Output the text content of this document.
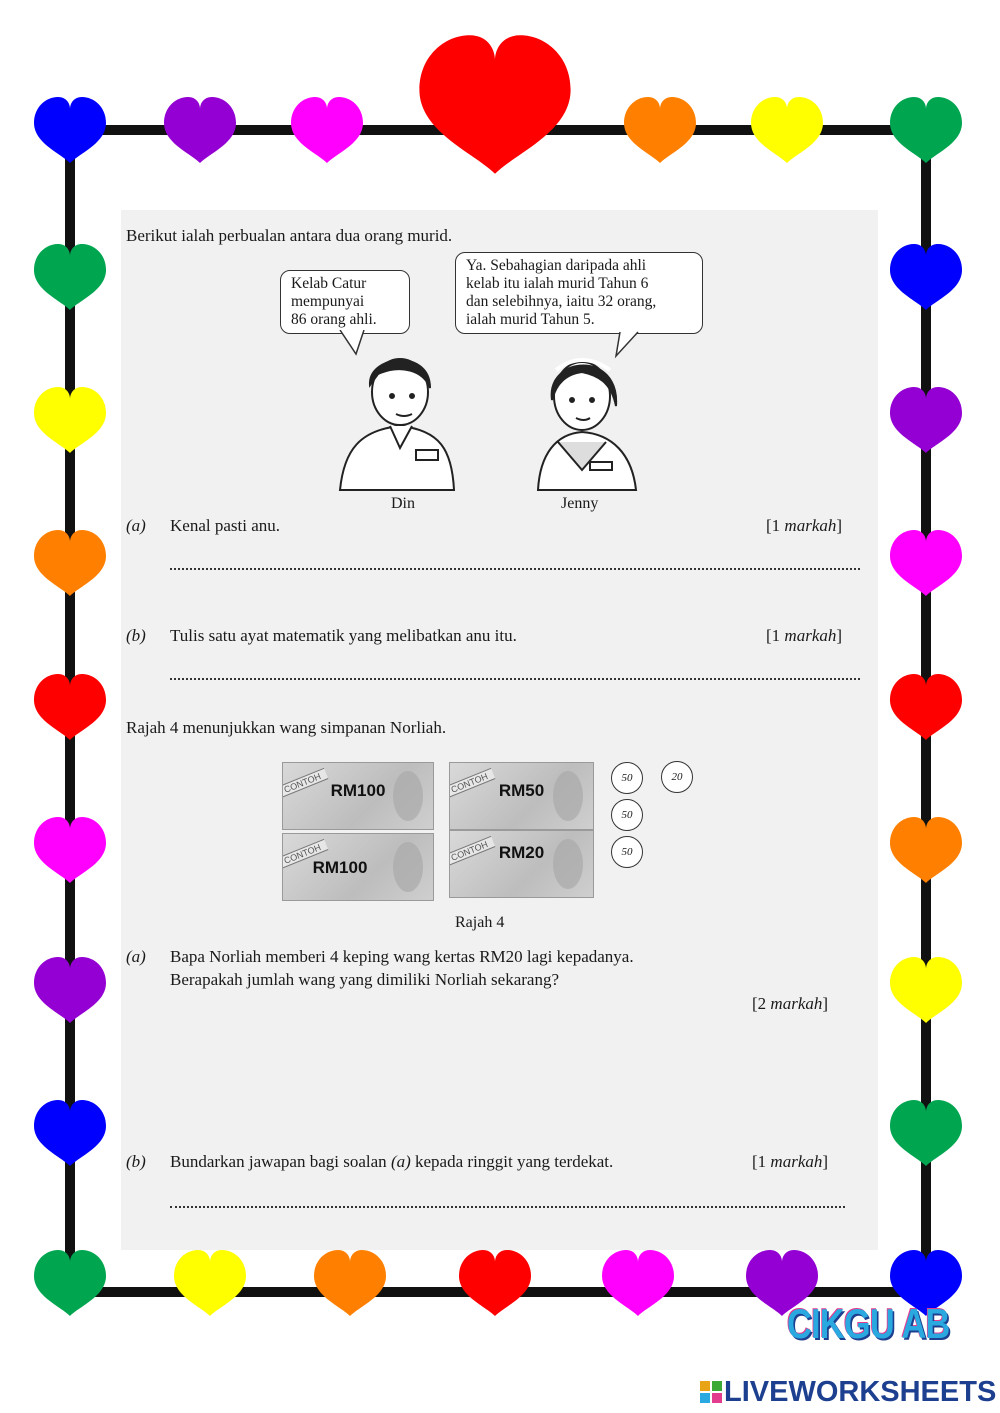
Berikut ialah perbualan antara dua orang murid.
Kelab Catur
mempunyai
86 orang ahli.
Ya. Sebahagian daripada ahli
kelab itu ialah murid Tahun 6
dan selebihnya, iaitu 32 orang,
ialah murid Tahun 5.
Din	Jenny
(a) Kenal pasti anu.	[1 markah]
(b) Tulis satu ayat matematik yang melibatkan anu itu.	[1 markah]
Rajah 4 menunjukkan wang simpanan Norliah.
CONTOH RM100	CONTOH RM50
CONTOH
RM100
CONTOH RM20
50	20
50
50
Rajah 4
(a) Bapa Norliah memberi 4 keping wang kertas RM20 lagi kepadanya.
Berapakah jumlah wang yang dimiliki Norliah sekarang?
[2 markah]
(b) Bundarkan jawapan bagi soalan (a) kepada ringgit yang terdekat.	[1 markah]
CIKGU AB
LIVEWORKSHEETS
